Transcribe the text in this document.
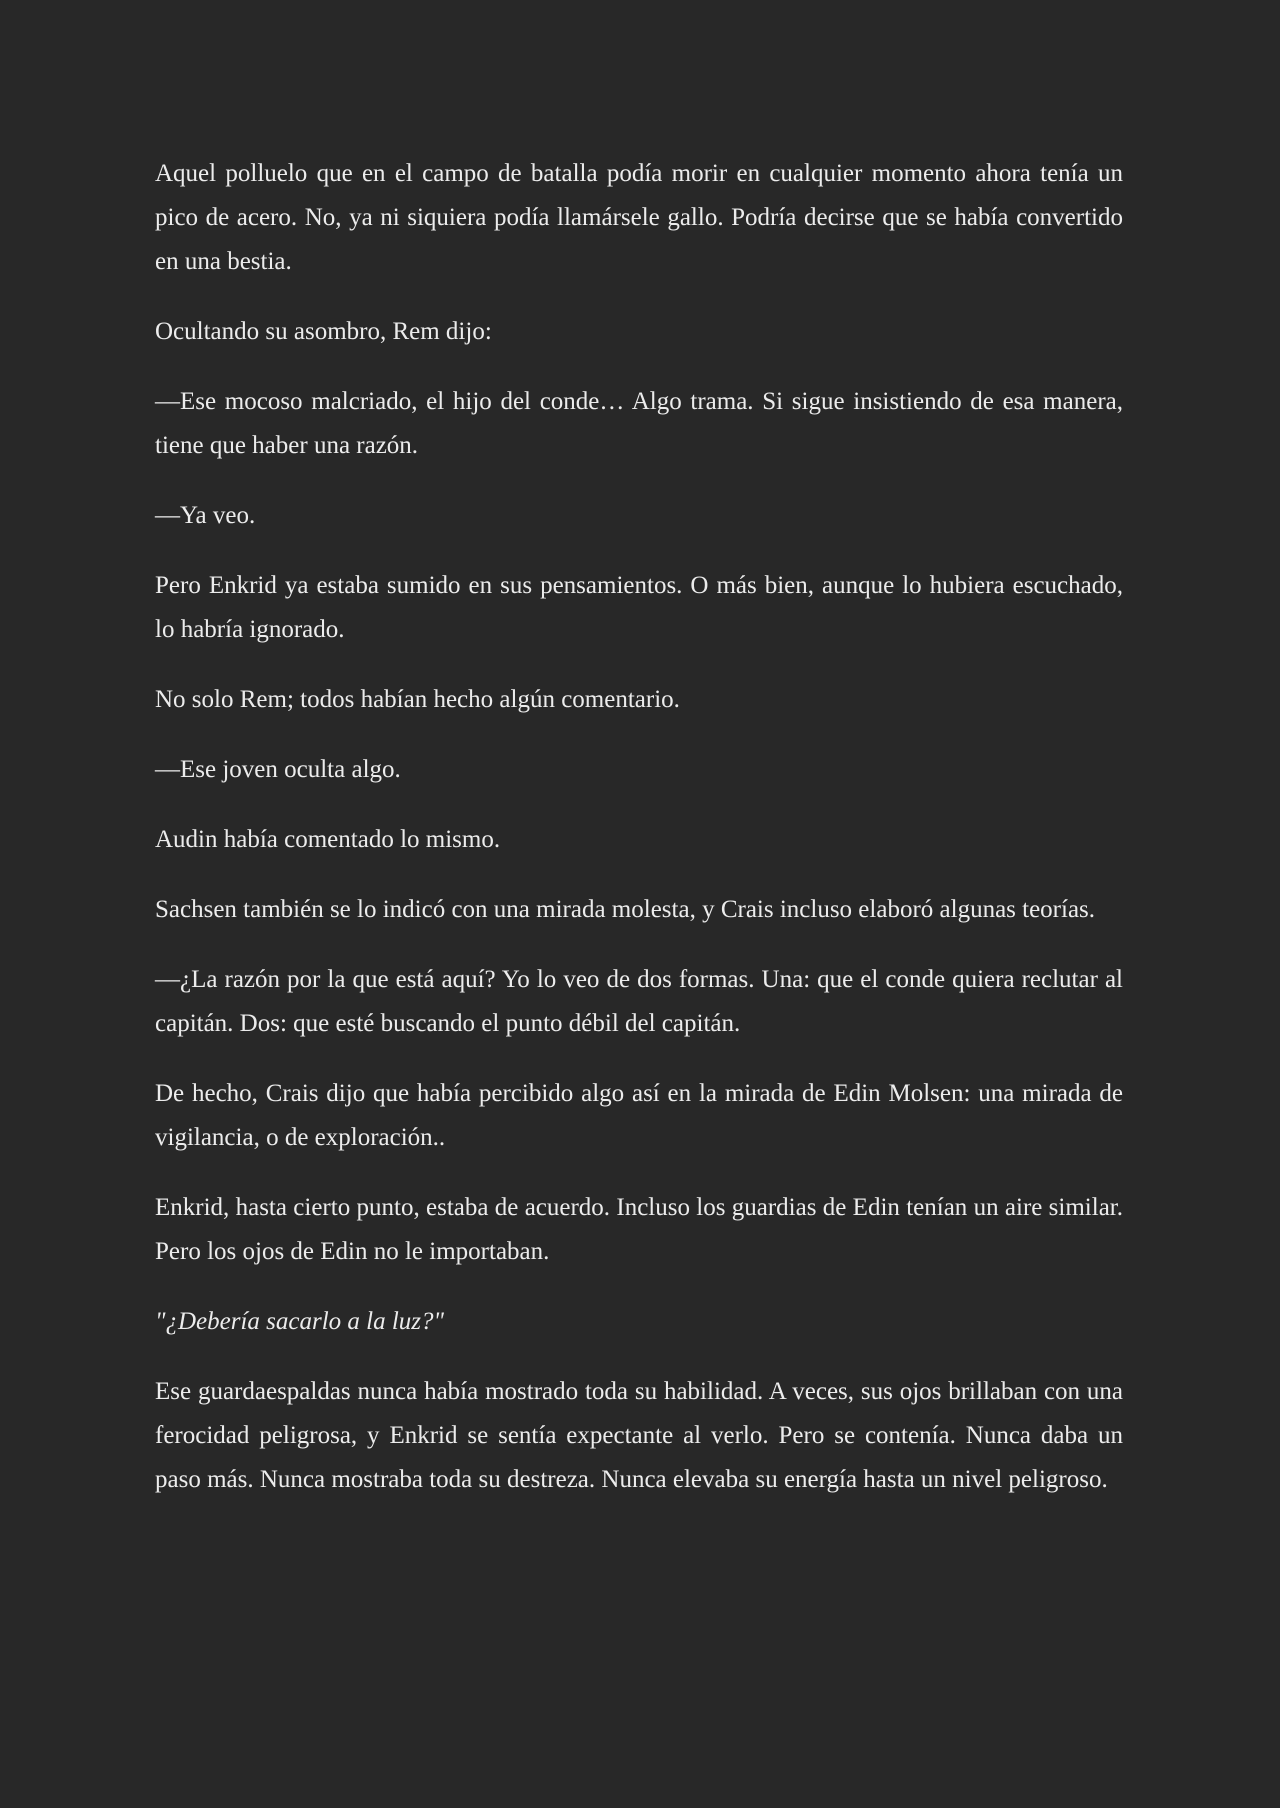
Aquel polluelo que en el campo de batalla podía morir en cualquier momento ahora tenía un pico de acero. No, ya ni siquiera podía llamársele gallo. Podría decirse que se había convertido en una bestia.

Ocultando su asombro, Rem dijo:

—Ese mocoso malcriado, el hijo del conde… Algo trama. Si sigue insistiendo de esa manera, tiene que haber una razón.

—Ya veo.

Pero Enkrid ya estaba sumido en sus pensamientos. O más bien, aunque lo hubiera escuchado, lo habría ignorado.

No solo Rem; todos habían hecho algún comentario.

—Ese joven oculta algo.

Audin había comentado lo mismo.

Sachsen también se lo indicó con una mirada molesta, y Crais incluso elaboró algunas teorías.

—¿La razón por la que está aquí? Yo lo veo de dos formas. Una: que el conde quiera reclutar al capitán. Dos: que esté buscando el punto débil del capitán.

De hecho, Crais dijo que había percibido algo así en la mirada de Edin Molsen: una mirada de vigilancia, o de exploración..

Enkrid, hasta cierto punto, estaba de acuerdo. Incluso los guardias de Edin tenían un aire similar. Pero los ojos de Edin no le importaban.

"¿Debería sacarlo a la luz?"

Ese guardaespaldas nunca había mostrado toda su habilidad. A veces, sus ojos brillaban con una ferocidad peligrosa, y Enkrid se sentía expectante al verlo. Pero se contenía. Nunca daba un paso más. Nunca mostraba toda su destreza. Nunca elevaba su energía hasta un nivel peligroso.
